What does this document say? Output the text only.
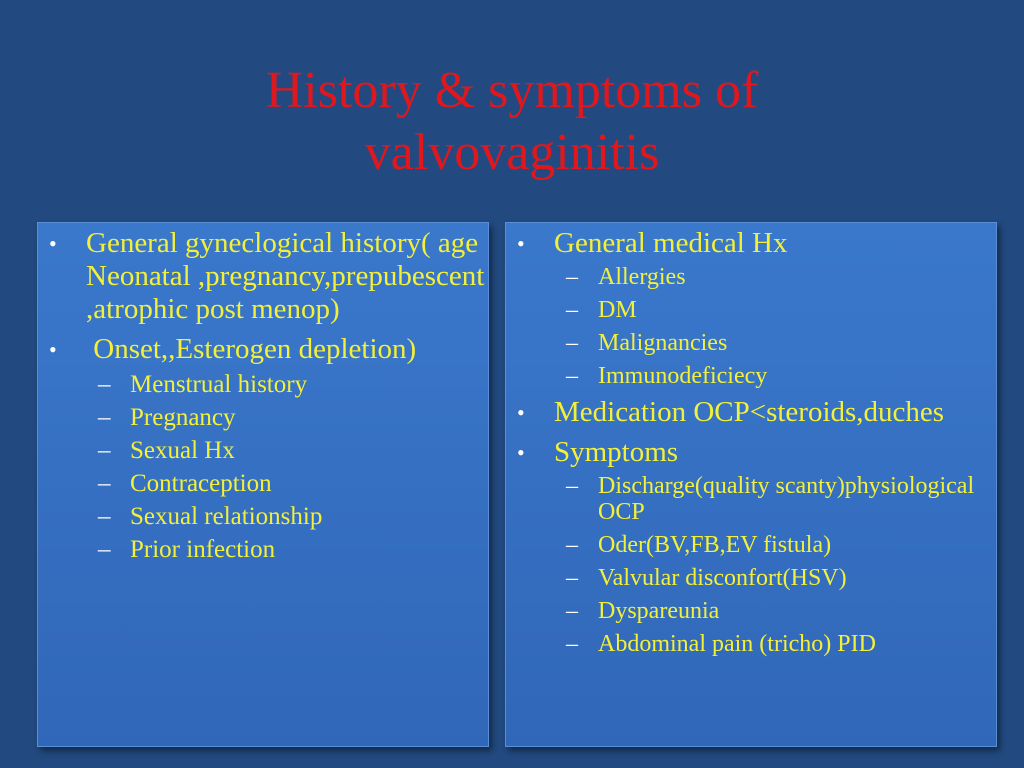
History & symptoms of
valvovaginitis
• General gyneclogical history( age Neonatal ,pregnancy,prepubescent ,atrophic post menop)
• Onset,,Esterogen depletion)
– Menstrual history
– Pregnancy
– Sexual Hx
– Contraception
– Sexual relationship
– Prior infection
• General medical Hx
– Allergies
– DM
– Malignancies
– Immunodeficiecy
• Medication OCP<steroids,duches
• Symptoms
– Discharge(quality scanty)physiological OCP
– Oder(BV,FB,EV fistula)
– Valvular disconfort(HSV)
– Dyspareunia
– Abdominal pain (tricho) PID
